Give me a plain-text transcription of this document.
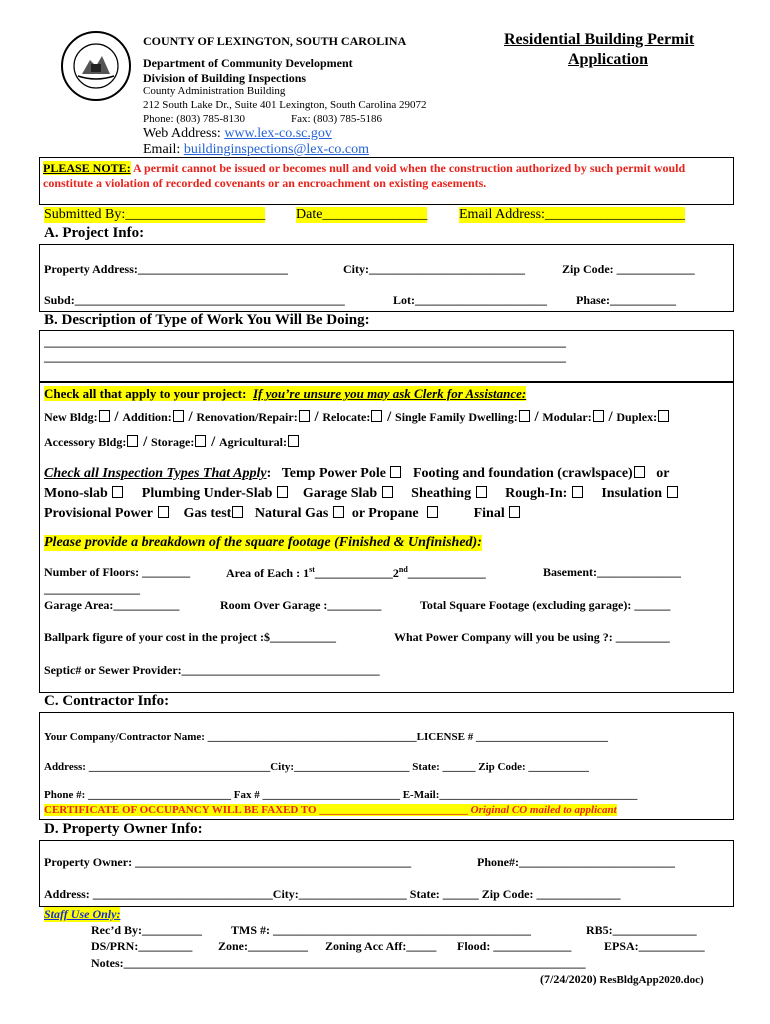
COUNTY OF LEXINGTON, SOUTH CAROLINA
Department of Community Development
Division of Building Inspections
County Administration Building
212 South Lake Dr., Suite 401 Lexington, South Carolina 29072
Phone: (803) 785-8130	Fax: (803) 785-5186
Web Address: www.lex-co.sc.gov
Email: buildinginspections@lex-co.com
Residential Building Permit
Application
PLEASE NOTE: A permit cannot be issued or becomes null and void when the construction authorized by such permit would
constitute a violation of recorded covenants or an encroachment on existing easements.
Submitted By:____________________ Date_______________ Email Address:____________________
A. Project Info:
Property Address:_________________________	City:__________________________	Zip Code: _____________
Subd:_____________________________________________	Lot:______________________ Phase:___________
B. Description of Type of Work You Will Be Doing:
_______________________________________________________________________________________
_______________________________________________________________________________________
Check all that apply to your project: If you’re unsure you may ask Clerk for Assistance:
New Bldg: / Addition: / Renovation/Repair: / Relocate: / Single Family Dwelling: / Modular: / Duplex:
Accessory Bldg: / Storage: / Agricultural:
Check all Inspection Types That Apply:   Temp Power Pole Footing and foundation (crawlspace) or
Mono-slab Plumbing Under-Slab Garage Slab Sheathing Rough-In: Insulation
Provisional Power Gas test Natural Gas or Propane	Final
Please provide a breakdown of the square footage (Finished & Unfinished):
Number of Floors: ________	Area of Each : 1st_____________2nd_____________	Basement:______________
________________
Garage Area:___________	Room Over Garage :_________	Total Square Footage (excluding garage): ______
Ballpark figure of your cost in the project :$___________	What Power Company will you be using ?: _________
Septic# or Sewer Provider:_________________________________
C. Contractor Info:
Your Company/Contractor Name: ______________________________________LICENSE # ________________________
Address: _________________________________City:_____________________ State: ______ Zip Code: ___________
Phone #: __________________________ Fax # _________________________ E-Mail:____________________________________
CERTIFICATE OF OCCUPANCY WILL BE FAXED TO ___________________________ Original CO mailed to applicant
D. Property Owner Info:
Property Owner: ______________________________________________	Phone#:__________________________
Address: ______________________________City:__________________ State: ______ Zip Code: ______________
Staff Use Only:
Rec’d By:__________ TMS #: ___________________________________________	RB5:______________
DS/PRN:_________ Zone:__________ Zoning Acc Aff:_____ Flood: _____________	EPSA:___________
Notes:_____________________________________________________________________________
(7/24/2020) ResBldgApp2020.doc)
